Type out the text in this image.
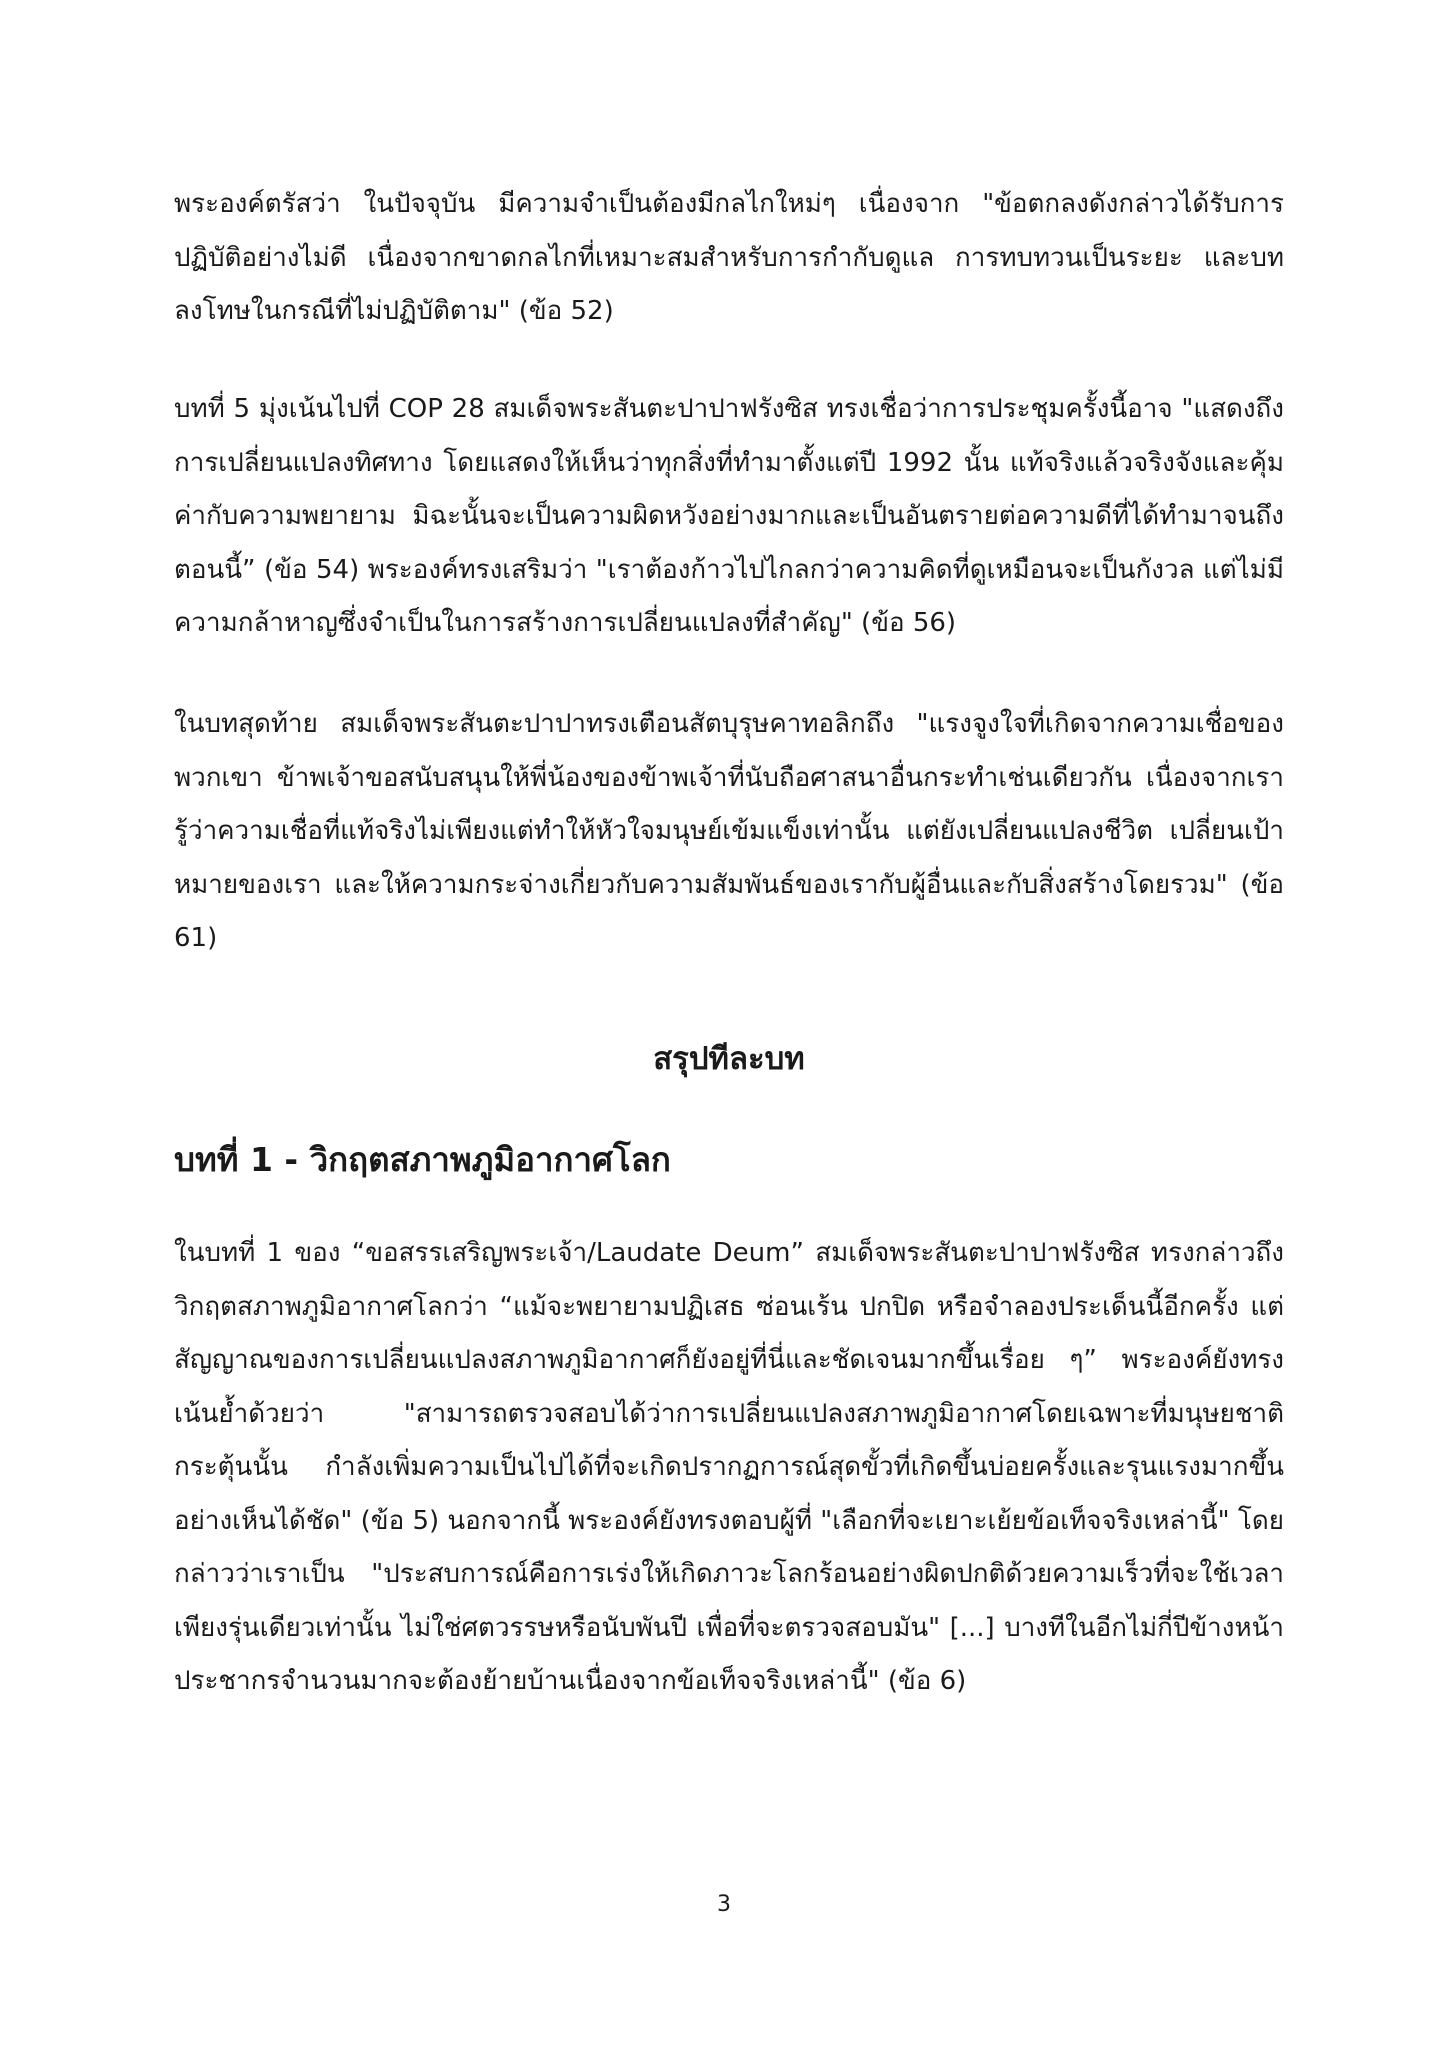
พระองค์ตรัสว่า ในปัจจุบัน มีความจำเป็นต้องมีกลไกใหม่ๆ เนื่องจาก "ข้อตกลงดังกล่าวได้รับการปฏิบัติอย่างไม่ดี เนื่องจากขาดกลไกที่เหมาะสมสำหรับการกำกับดูแล การทบทวนเป็นระยะ และบทลงโทษในกรณีที่ไม่ปฏิบัติตาม" (ข้อ 52)

บทที่ 5 มุ่งเน้นไปที่ COP 28 สมเด็จพระสันตะปาปาฟรังซิส ทรงเชื่อว่าการประชุมครั้งนี้อาจ "แสดงถึงการเปลี่ยนแปลงทิศทาง โดยแสดงให้เห็นว่าทุกสิ่งที่ทำมาตั้งแต่ปี 1992 นั้น แท้จริงแล้วจริงจังและคุ้มค่ากับความพยายาม มิฉะนั้นจะเป็นความผิดหวังอย่างมากและเป็นอันตรายต่อความดีที่ได้ทำมาจนถึงตอนนี้” (ข้อ 54) พระองค์ทรงเสริมว่า "เราต้องก้าวไปไกลกว่าความคิดที่ดูเหมือนจะเป็นกังวล แต่ไม่มีความกล้าหาญซึ่งจำเป็นในการสร้างการเปลี่ยนแปลงที่สำคัญ" (ข้อ 56)

ในบทสุดท้าย สมเด็จพระสันตะปาปาทรงเตือนสัตบุรุษคาทอลิกถึง "แรงจูงใจที่เกิดจากความเชื่อของพวกเขา ข้าพเจ้าขอสนับสนุนให้พี่น้องของข้าพเจ้าที่นับถือศาสนาอื่นกระทำเช่นเดียวกัน เนื่องจากเรารู้ว่าความเชื่อที่แท้จริงไม่เพียงแต่ทำให้หัวใจมนุษย์เข้มแข็งเท่านั้น แต่ยังเปลี่ยนแปลงชีวิต เปลี่ยนเป้าหมายของเรา และให้ความกระจ่างเกี่ยวกับความสัมพันธ์ของเรากับผู้อื่นและกับสิ่งสร้างโดยรวม" (ข้อ 61)

สรุปทีละบท
บทที่ 1 - วิกฤตสภาพภูมิอากาศโลก

ในบทที่ 1 ของ “ขอสรรเสริญพระเจ้า/Laudate Deum” สมเด็จพระสันตะปาปาฟรังซิส ทรงกล่าวถึงวิกฤตสภาพภูมิอากาศโลกว่า “แม้จะพยายามปฏิเสธ ซ่อนเร้น ปกปิด หรือจำลองประเด็นนี้อีกครั้ง แต่สัญญาณของการเปลี่ยนแปลงสภาพภูมิอากาศก็ยังอยู่ที่นี่และชัดเจนมากขึ้นเรื่อย ๆ” พระองค์ยังทรงเน้นย้ำด้วยว่า "สามารถตรวจสอบได้ว่าการเปลี่ยนแปลงสภาพภูมิอากาศโดยเฉพาะที่มนุษยชาติกระตุ้นนั้น กำลังเพิ่มความเป็นไปได้ที่จะเกิดปรากฏการณ์สุดขั้วที่เกิดขึ้นบ่อยครั้งและรุนแรงมากขึ้นอย่างเห็นได้ชัด" (ข้อ 5) นอกจากนี้ พระองค์ยังทรงตอบผู้ที่ "เลือกที่จะเยาะเย้ยข้อเท็จจริงเหล่านี้" โดยกล่าวว่าเราเป็น "ประสบการณ์คือการเร่งให้เกิดภาวะโลกร้อนอย่างผิดปกติด้วยความเร็วที่จะใช้เวลาเพียงรุ่นเดียวเท่านั้น ไม่ใช่ศตวรรษหรือนับพันปี เพื่อที่จะตรวจสอบมัน" [...] บางทีในอีกไม่กี่ปีข้างหน้า ประชากรจำนวนมากจะต้องย้ายบ้านเนื่องจากข้อเท็จจริงเหล่านี้" (ข้อ 6)

3
